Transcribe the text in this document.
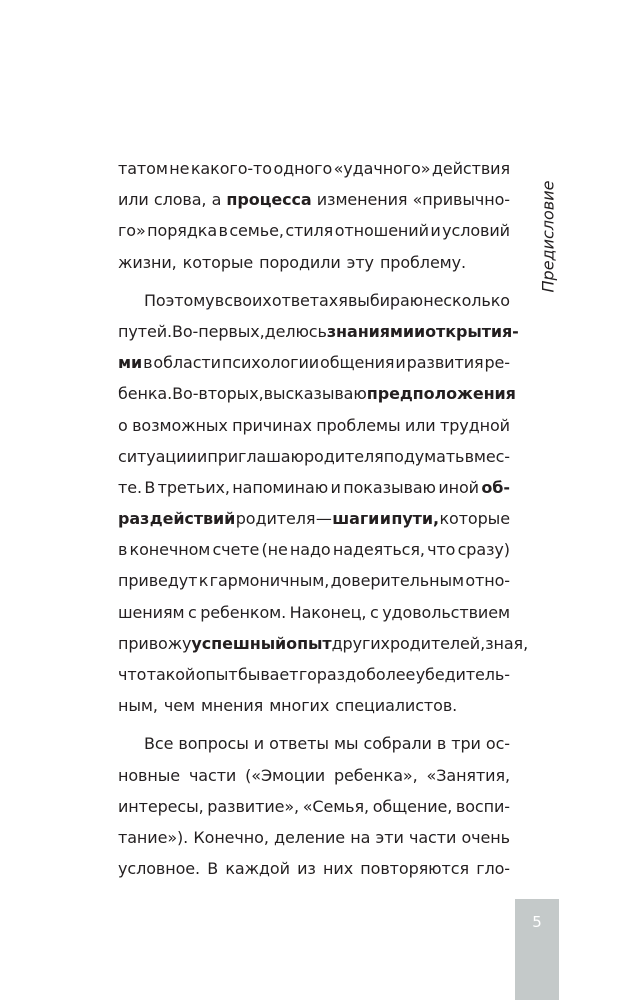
татом не какого-то одного «удачного» действия
или слова, а процесса изменения «привычно-
го» порядка в семье, стиля отношений и условий
жизни, которые породили эту проблему.
Поэтому в своих ответах я выбираю несколько
путей. Во-первых, делюсь знаниями и открытия-
ми в области психологии общения и развития ре-
бенка. Во-вторых, высказываю предположения
о возможных причинах проблемы или трудной
ситуации и приглашаю родителя подумать вмес-
те. В третьих, напоминаю и показываю иной об-
раз действий родителя — шаги и пути, которые
в конечном счете (не надо надеяться, что сразу)
приведут к гармоничным, доверительным отно-
шениям с ребенком. Наконец, с удовольствием
привожу успешный опыт других родителей, зная,
что такой опыт бывает гораздо более убедитель-
ным, чем мнения многих специалистов.
Все вопросы и ответы мы собрали в три ос-
новные части («Эмоции ребенка», «Занятия,
интересы, развитие», «Семья, общение, воспи-
тание»). Конечно, деление на эти части очень
условное. В каждой из них повторяются гло-
Предисловие
5
